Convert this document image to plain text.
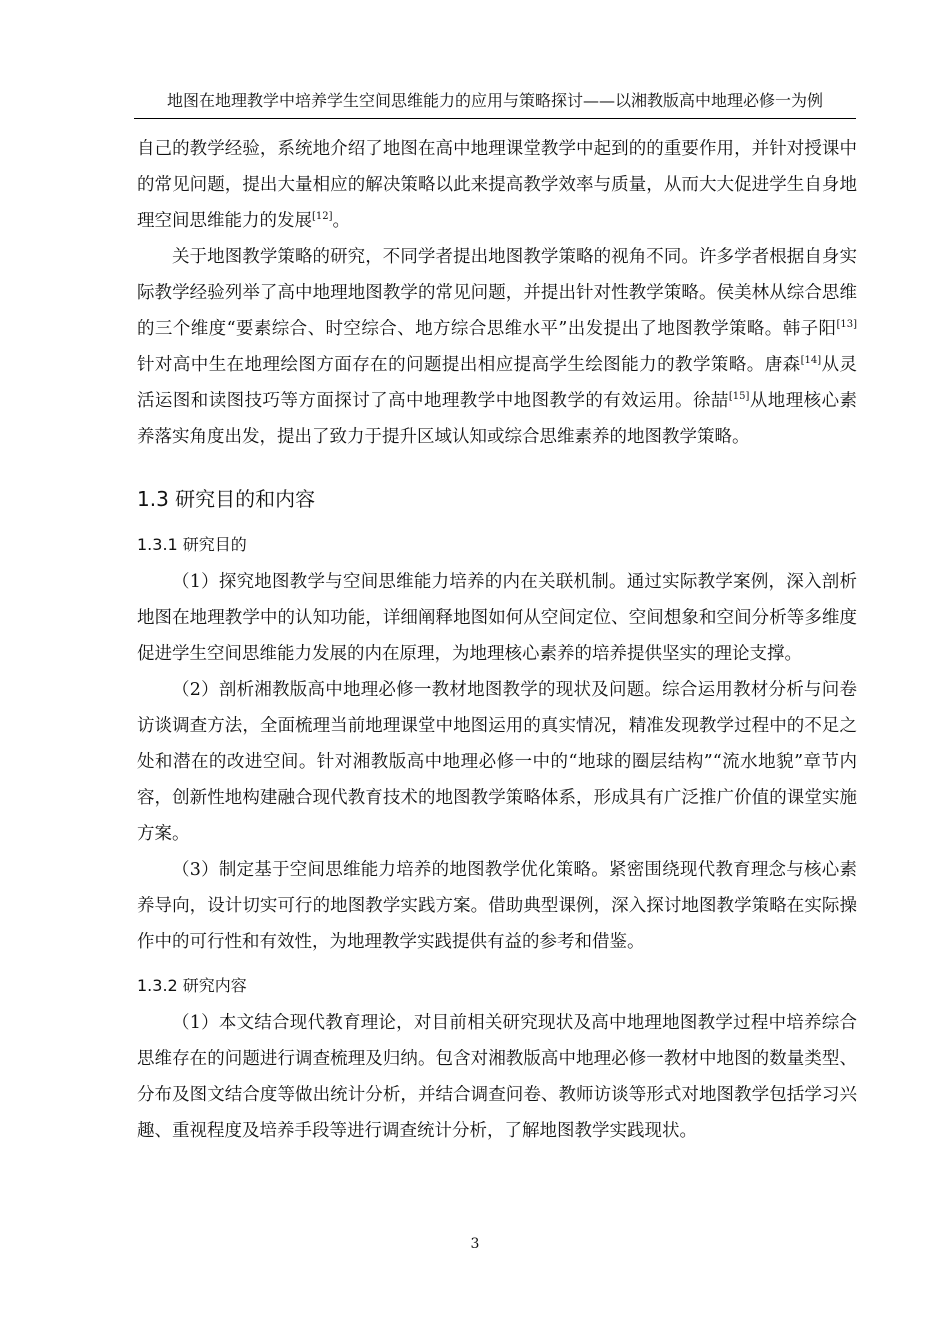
地图在地理教学中培养学生空间思维能力的应用与策略探讨——以湘教版高中地理必修一为例

自己的教学经验，系统地介绍了地图在高中地理课堂教学中起到的的重要作用，并针对授课中的常见问题，提出大量相应的解决策略以此来提高教学效率与质量，从而大大促进学生自身地理空间思维能力的发展[12]。

关于地图教学策略的研究，不同学者提出地图教学策略的视角不同。许多学者根据自身实际教学经验列举了高中地理地图教学的常见问题，并提出针对性教学策略。侯美林从综合思维的三个维度“要素综合、时空综合、地方综合思维水平”出发提出了地图教学策略。韩子阳[13]针对高中生在地理绘图方面存在的问题提出相应提高学生绘图能力的教学策略。唐森[14]从灵活运图和读图技巧等方面探讨了高中地理教学中地图教学的有效运用。徐喆[15]从地理核心素养落实角度出发，提出了致力于提升区域认知或综合思维素养的地图教学策略。

1.3 研究目的和内容
1.3.1 研究目的

（1）探究地图教学与空间思维能力培养的内在关联机制。通过实际教学案例，深入剖析地图在地理教学中的认知功能，详细阐释地图如何从空间定位、空间想象和空间分析等多维度促进学生空间思维能力发展的内在原理，为地理核心素养的培养提供坚实的理论支撑。

（2）剖析湘教版高中地理必修一教材地图教学的现状及问题。综合运用教材分析与问卷访谈调查方法，全面梳理当前地理课堂中地图运用的真实情况，精准发现教学过程中的不足之处和潜在的改进空间。针对湘教版高中地理必修一中的“地球的圈层结构”“流水地貌”章节内容，创新性地构建融合现代教育技术的地图教学策略体系，形成具有广泛推广价值的课堂实施方案。

（3）制定基于空间思维能力培养的地图教学优化策略。紧密围绕现代教育理念与核心素养导向，设计切实可行的地图教学实践方案。借助典型课例，深入探讨地图教学策略在实际操作中的可行性和有效性，为地理教学实践提供有益的参考和借鉴。

1.3.2 研究内容

（1）本文结合现代教育理论，对目前相关研究现状及高中地理地图教学过程中培养综合思维存在的问题进行调查梳理及归纳。包含对湘教版高中地理必修一教材中地图的数量类型、分布及图文结合度等做出统计分析，并结合调查问卷、教师访谈等形式对地图教学包括学习兴趣、重视程度及培养手段等进行调查统计分析，了解地图教学实践现状。

3
